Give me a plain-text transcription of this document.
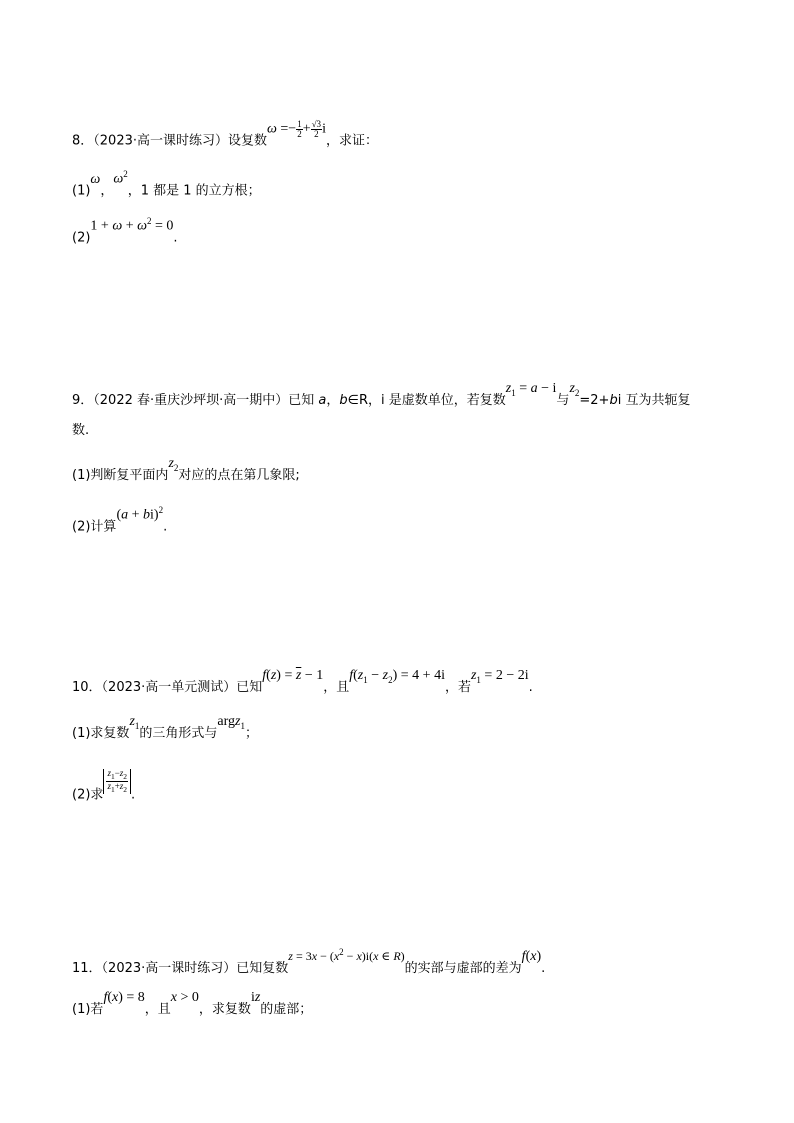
8．（2023·高一课时练习）设复数$\omega =- \frac{1}{2} + \frac{√3}{2}$ i，求证：
(1)ω，$\omega^2$，1 都是 1 的立方根；
$(2)1 + \omega + \omega^2 = 0$.
9．（2022 春·重庆沙坪坝·高一期中）已知 a，b∈R，i 是虚数单位，若复数$z_1 = a - i$与$z_2=2+bi$ 互为共轭复
数.
(1)判断复平面内$z_2$对应的点在第几象限;
(2)计算(a + bi)$^2$.
10．（2023·高一单元测试）已知$f(z) = \overline{z} - 1$，且$f(z_1 - z_2) = 4 + 4i$，若$z_1 = 2 - 2i$.
(1)求复数$z_1$的三角形式与argz$_1$；
(2)求
$\frac{z_1-z_2}{z_1+z_2}$
.
11．（2023·高一课时练习）已知复数$z = 3x - (x^2 - x)i(x$ ∈ R)的实部与虚部的差为f(x).
(1)若f(x) = 8，且x > 0，求复数iz的虚部；
